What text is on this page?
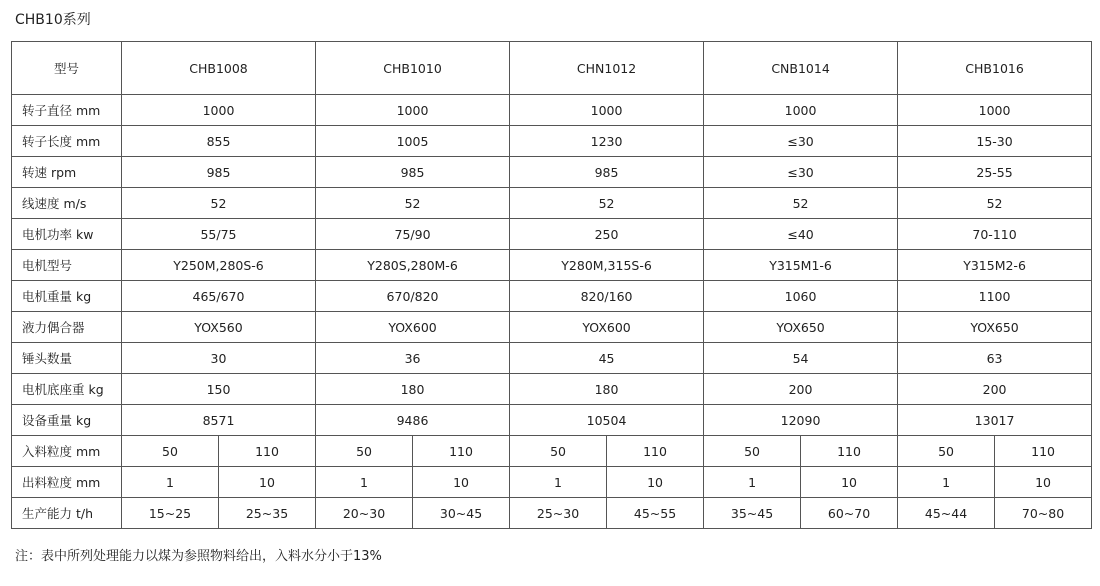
CHB10系列
型号	CHB1008		CHB1010		CHN1012		CNB1014		CHB1016	
转子直径 mm	1000		1000		1000		1000		1000	
转子长度 mm	855		1005		1230		≤30		15-30	
转速 rpm	985		985		985		≤30		25-55	
线速度 m/s	52		52		52		52		52	
电机功率 kw	55/75		75/90		250		≤40		70-110	
电机型号	Y250M,280S-6		Y280S,280M-6		Y280M,315S-6		Y315M1-6		Y315M2-6	
电机重量 kg	465/670		670/820		820/160		1060		1100	
液力偶合器	YOX560		YOX600		YOX600		YOX650		YOX650	
锤头数量	30		36		45		54		63	
电机底座重 kg	150		180		180		200		200	
设备重量 kg	8571		9486		10504		12090		13017	
入料粒度 mm	50	110	50	110	50	110	50	110	50	110
出料粒度 mm	1	10	1	10	1	10	1	10	1	10
生产能力 t/h	15~25	25~35	20~30	30~45	25~30	45~55	35~45	60~70	45~44	70~80
注：表中所列处理能力以煤为参照物料给出，入料水分小于13%
